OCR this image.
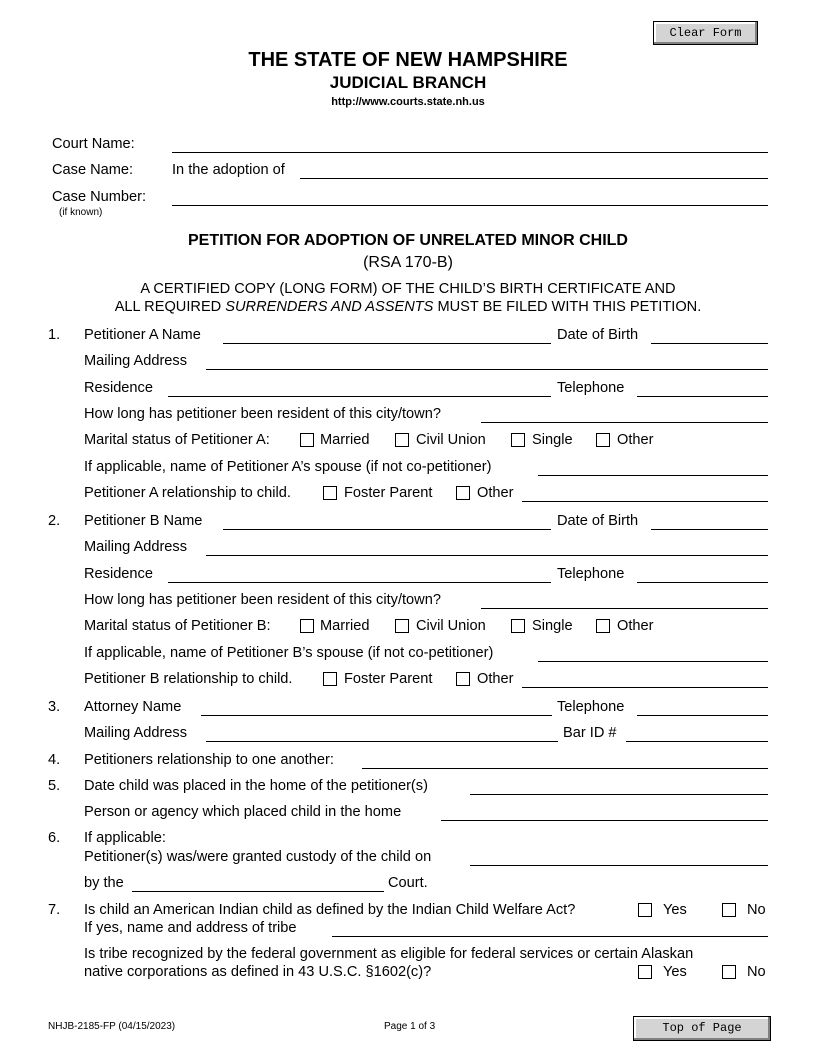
Clear Form
Top of Page
THE STATE OF NEW HAMPSHIRE
JUDICIAL BRANCH
http://www.courts.state.nh.us
Court Name:
Case Name:	In the adoption of
Case Number:
(if known)
PETITION FOR ADOPTION OF UNRELATED MINOR CHILD
(RSA 170-B)
A CERTIFIED COPY (LONG FORM) OF THE CHILD’S BIRTH CERTIFICATE AND
ALL REQUIRED SURRENDERS AND ASSENTS MUST BE FILED WITH THIS PETITION.
1. Petitioner A Name	Date of Birth
Mailing Address
Residence	Telephone
How long has petitioner been resident of this city/town?
Marital status of Petitioner A:	Married	Civil Union	Single	Other
If applicable, name of Petitioner A’s spouse (if not co-petitioner)
Petitioner A relationship to child.	Foster Parent	Other
2. Petitioner B Name	Date of Birth
Mailing Address
Residence	Telephone
How long has petitioner been resident of this city/town?
Marital status of Petitioner B:	Married	Civil Union	Single	Other
If applicable, name of Petitioner B’s spouse (if not co-petitioner)
Petitioner B relationship to child.	Foster Parent	Other
3. Attorney Name	Telephone
Mailing Address	Bar ID #
4. Petitioners relationship to one another:
5. Date child was placed in the home of the petitioner(s)
Person or agency which placed child in the home
6. If applicable:
Petitioner(s) was/were granted custody of the child on
by the	Court.
7. Is child an American Indian child as defined by the Indian Child Welfare Act?	Yes	No
If yes, name and address of tribe
Is tribe recognized by the federal government as eligible for federal services or certain Alaskan
native corporations as defined in 43 U.S.C. §1602(c)?	Yes	No
NHJB-2185-FP (04/15/2023)	Page 1 of 3
